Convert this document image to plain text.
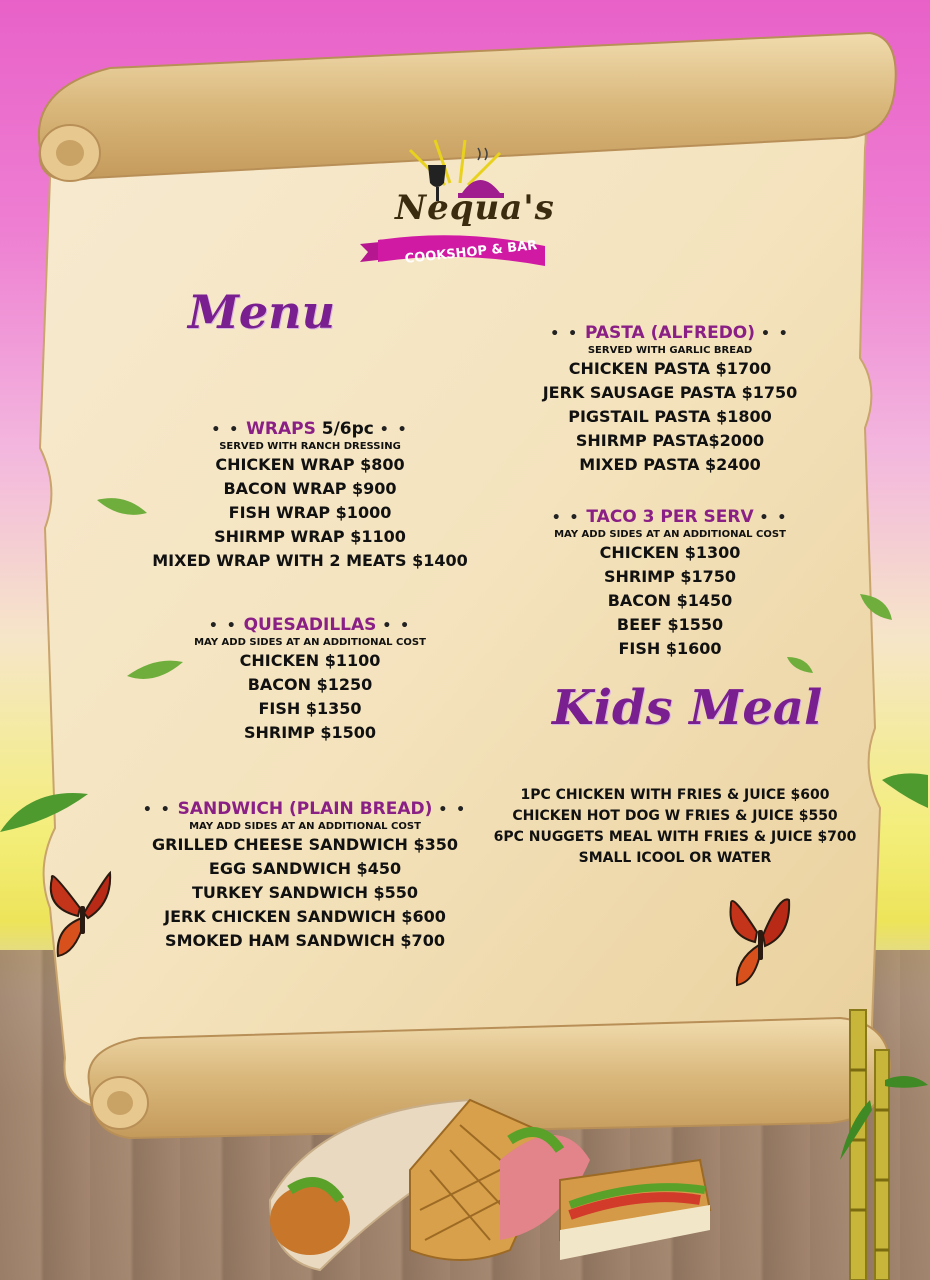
Nequa's
COOKSHOP & BAR
Menu
Kids Meal
• • WRAPS 5/6pc • •
SERVED WITH RANCH DRESSING
CHICKEN WRAP $800
BACON WRAP $900
FISH WRAP $1000
SHIRMP WRAP $1100
MIXED WRAP WITH 2 MEATS $1400
• • QUESADILLAS • •
MAY ADD SIDES AT AN ADDITIONAL COST
CHICKEN $1100
BACON $1250
FISH $1350
SHRIMP $1500
• • SANDWICH (PLAIN BREAD) • •
MAY ADD SIDES AT AN ADDITIONAL COST
GRILLED CHEESE SANDWICH $350
EGG SANDWICH $450
TURKEY SANDWICH $550
JERK CHICKEN SANDWICH $600
SMOKED HAM SANDWICH $700
• • PASTA (ALFREDO) • •
SERVED WITH GARLIC BREAD
CHICKEN PASTA $1700
JERK SAUSAGE PASTA $1750
PIGSTAIL PASTA $1800
SHIRMP PASTA$2000
MIXED PASTA $2400
• • TACO 3 PER SERV • •
MAY ADD SIDES AT AN ADDITIONAL COST
CHICKEN $1300
SHRIMP $1750
BACON $1450
BEEF $1550
FISH $1600
1PC CHICKEN WITH FRIES & JUICE $600
CHICKEN HOT DOG W FRIES & JUICE $550
6PC NUGGETS MEAL WITH FRIES & JUICE $700
SMALL ICOOL OR WATER
